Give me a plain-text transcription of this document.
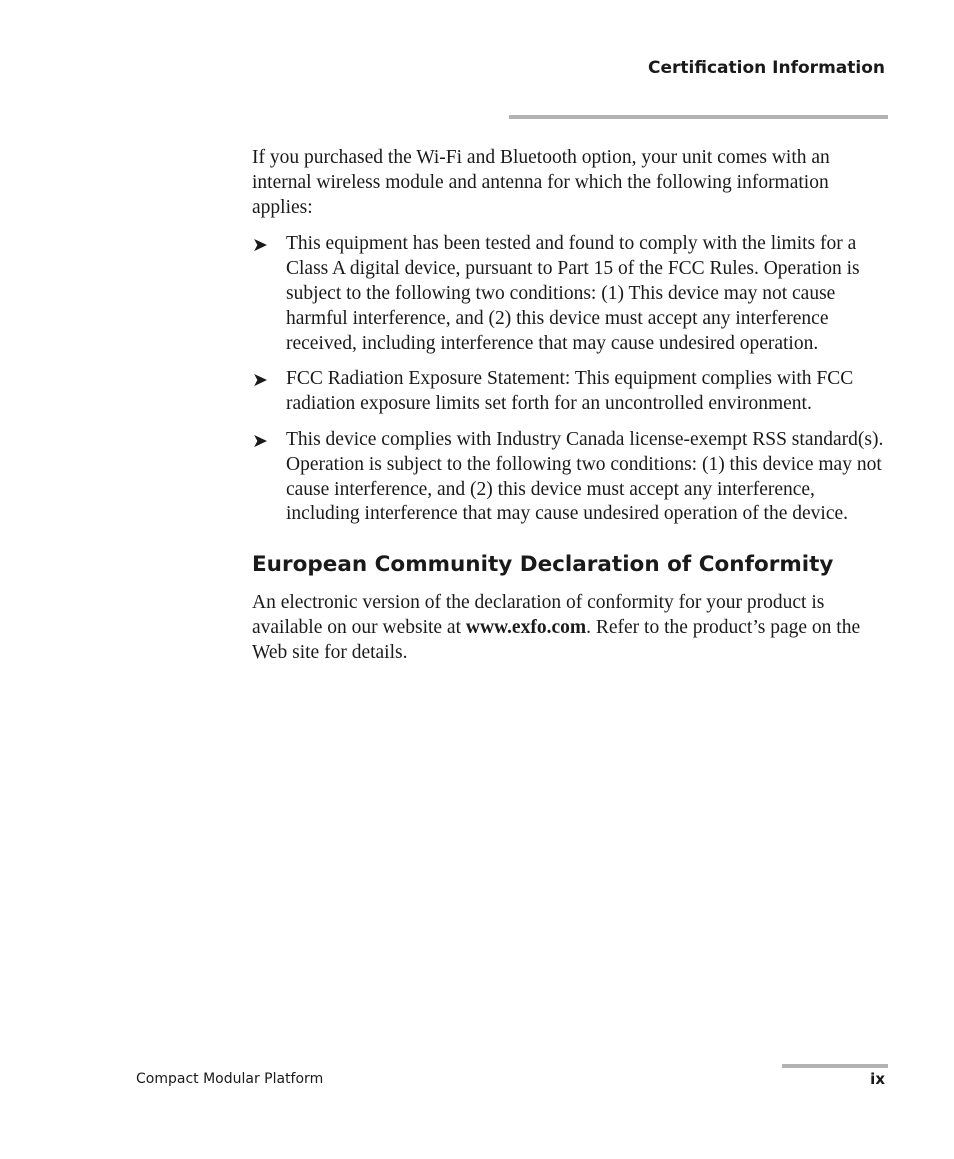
Certification Information

If you purchased the Wi-Fi and Bluetooth option, your unit comes with an internal wireless module and antenna for which the following information applies:

➤ This equipment has been tested and found to comply with the limits for a Class A digital device, pursuant to Part 15 of the FCC Rules. Operation is subject to the following two conditions: (1) This device may not cause harmful interference, and (2) this device must accept any interference received, including interference that may cause undesired operation.
➤ FCC Radiation Exposure Statement: This equipment complies with FCC radiation exposure limits set forth for an uncontrolled environment.
➤ This device complies with Industry Canada license-exempt RSS standard(s). Operation is subject to the following two conditions: (1) this device may not cause interference, and (2) this device must accept any interference, including interference that may cause undesired operation of the device.
European Community Declaration of Conformity

An electronic version of the declaration of conformity for your product is available on our website at www.exfo.com. Refer to the product’s page on the Web site for details.

Compact Modular Platform	ix
